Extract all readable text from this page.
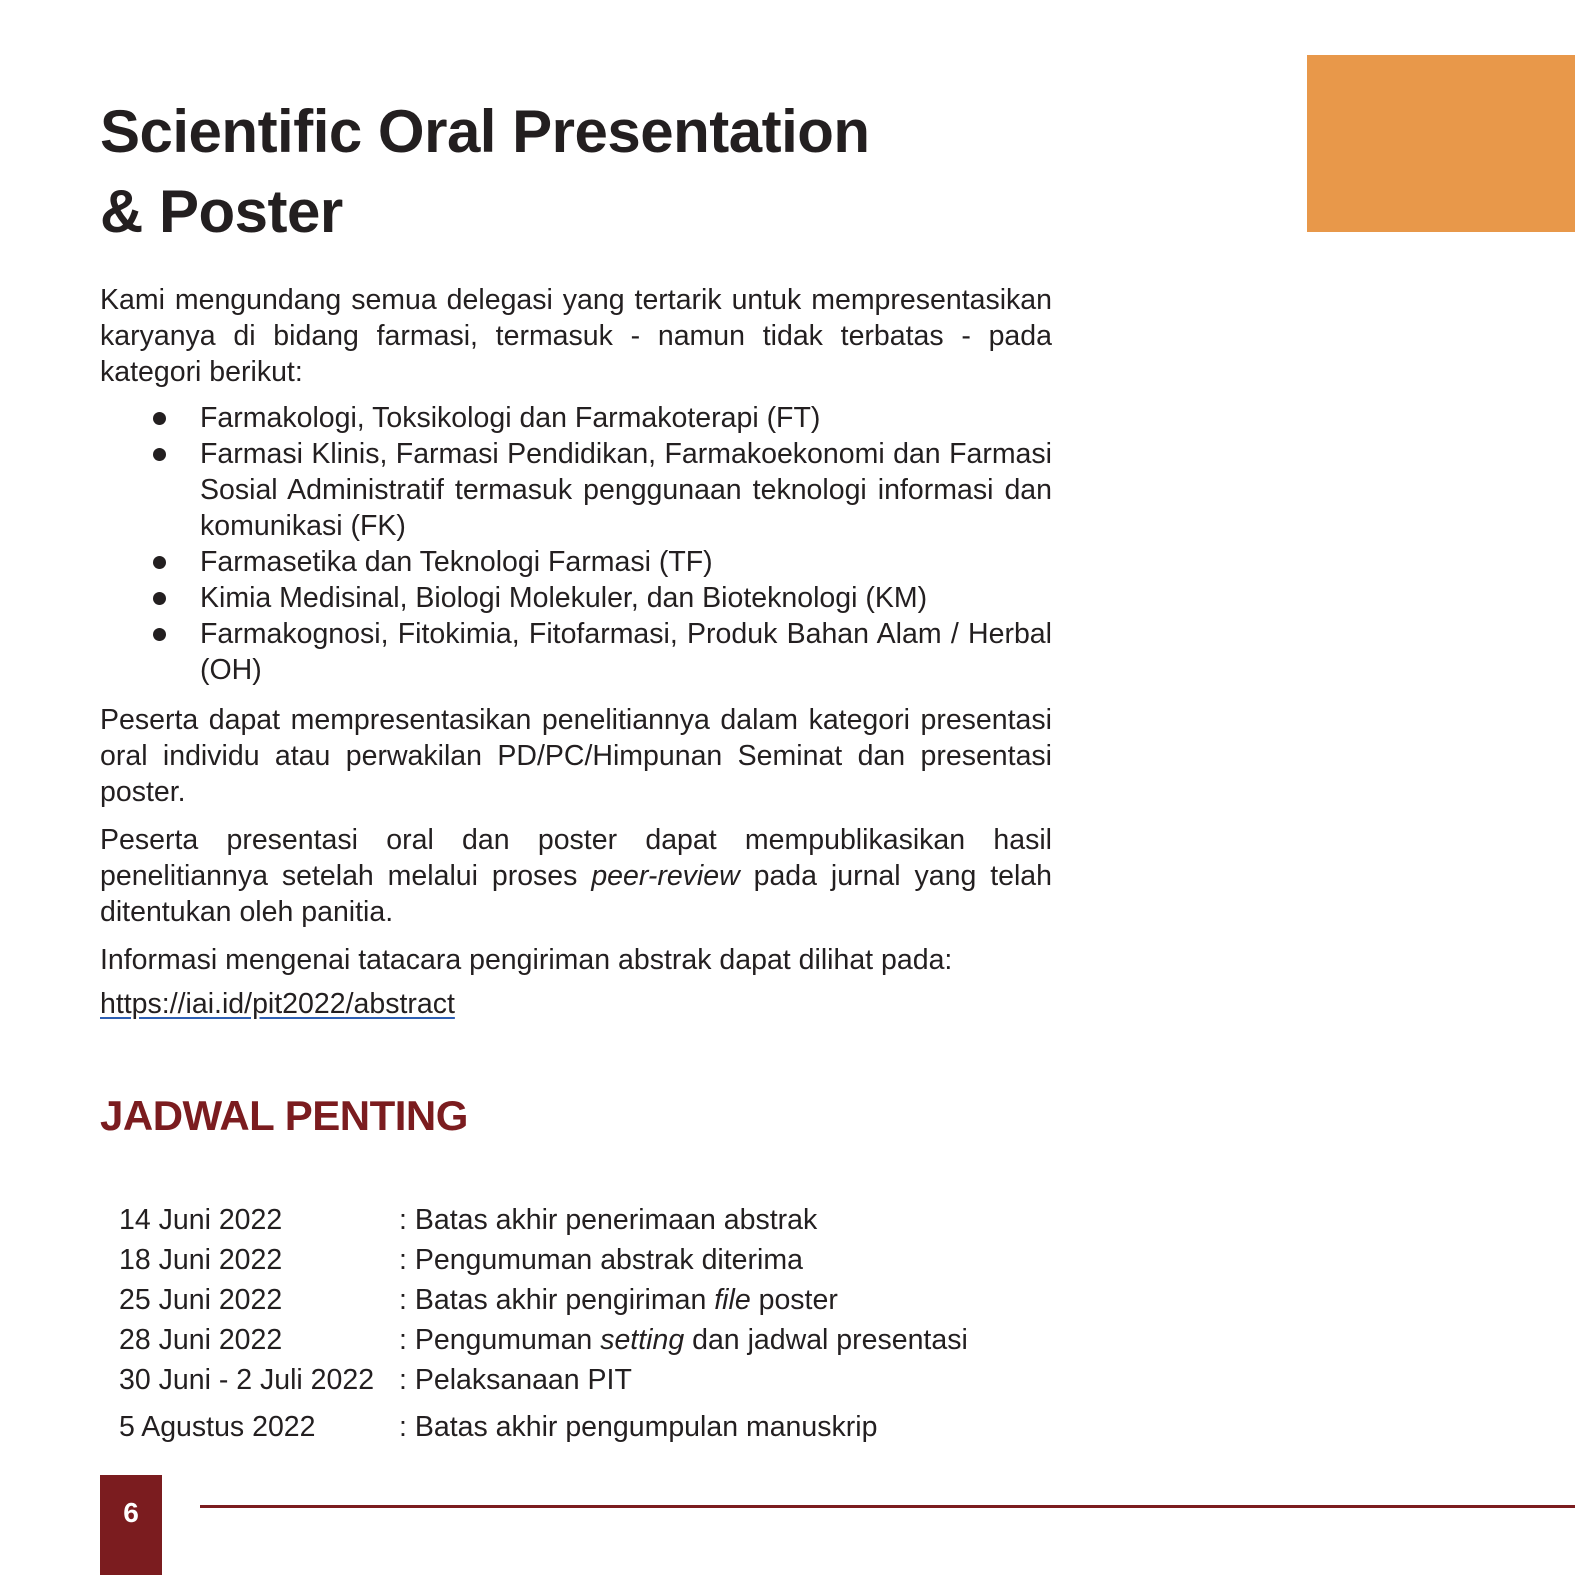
Scientific Oral Presentation
& Poster

Kami mengundang semua delegasi yang tertarik untuk mempresentasikan karyanya di bidang farmasi, termasuk - namun tidak terbatas - pada kategori berikut:

Farmakologi, Toksikologi dan Farmakoterapi (FT)
Farmasi Klinis, Farmasi Pendidikan, Farmakoekonomi dan Farmasi Sosial Administratif termasuk penggunaan teknologi informasi dan komunikasi (FK)
Farmasetika dan Teknologi Farmasi (TF)
Kimia Medisinal, Biologi Molekuler, dan Bioteknologi (KM)
Farmakognosi, Fitokimia, Fitofarmasi, Produk Bahan Alam / Herbal (OH)

Peserta dapat mempresentasikan penelitiannya dalam kategori presentasi oral individu atau perwakilan PD/PC/Himpunan Seminat dan presentasi poster.

Peserta presentasi oral dan poster dapat mempublikasikan hasil penelitiannya setelah melalui proses peer-review pada jurnal yang telah ditentukan oleh panitia.

Informasi mengenai tatacara pengiriman abstrak dapat dilihat pada:
https://iai.id/pit2022/abstract

JADWAL PENTING
14 Juni 2022	: Batas akhir penerimaan abstrak
18 Juni 2022	: Pengumuman abstrak diterima
25 Juni 2022	: Batas akhir pengiriman file poster
28 Juni 2022	: Pengumuman setting dan jadwal presentasi
30 Juni - 2 Juli 2022 : Pelaksanaan PIT
5 Agustus 2022	: Batas akhir pengumpulan manuskrip
6
